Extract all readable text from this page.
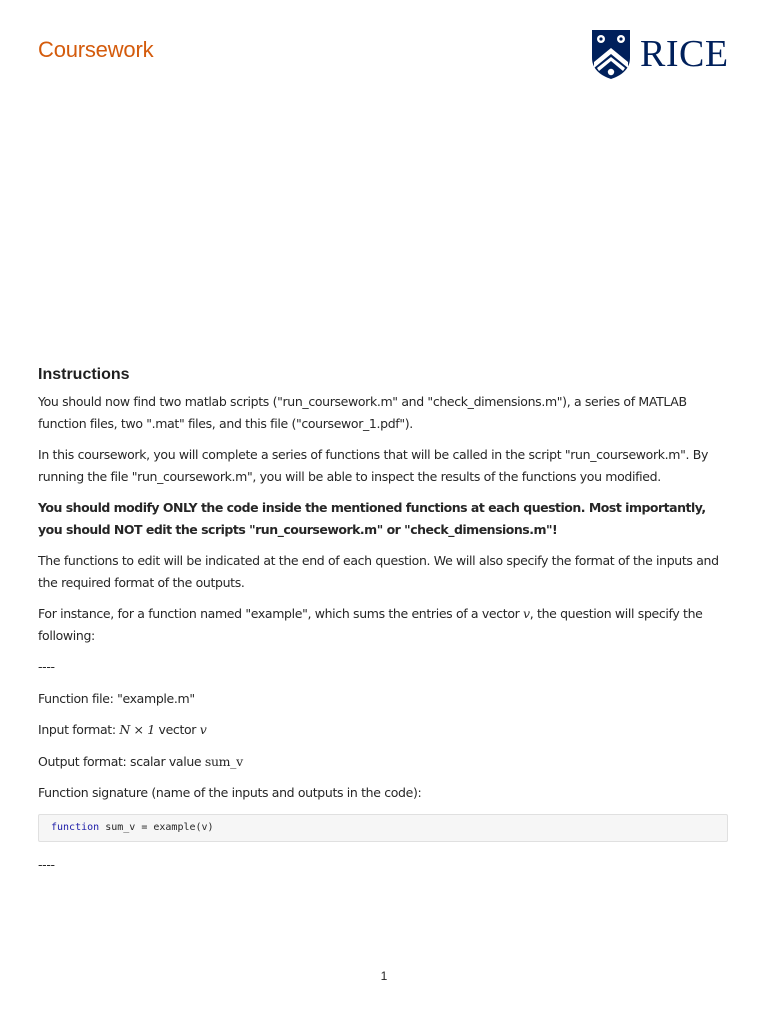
Coursework	RICE
Instructions

You should now find two matlab scripts ("run_coursework.m" and "check_dimensions.m"), a series of MATLAB function files, two ".mat" files, and this file ("coursewor_1.pdf").

In this coursework, you will complete a series of functions that will be called in the script "run_coursework.m". By running the file "run_coursework.m", you will be able to inspect the results of the functions you modified.

You should modify ONLY the code inside the mentioned functions at each question. Most importantly, you should NOT edit the scripts "run_coursework.m" or "check_dimensions.m"!

The functions to edit will be indicated at the end of each question. We will also specify the format of the inputs and the required format of the outputs.

For instance, for a function named "example", which sums the entries of a vector v, the question will specify the following:

----

Function file: "example.m"

Input format: N × 1 vector v

Output format: scalar value sum_v

Function signature (name of the inputs and outputs in the code):

function sum_v = example(v)

----

1
